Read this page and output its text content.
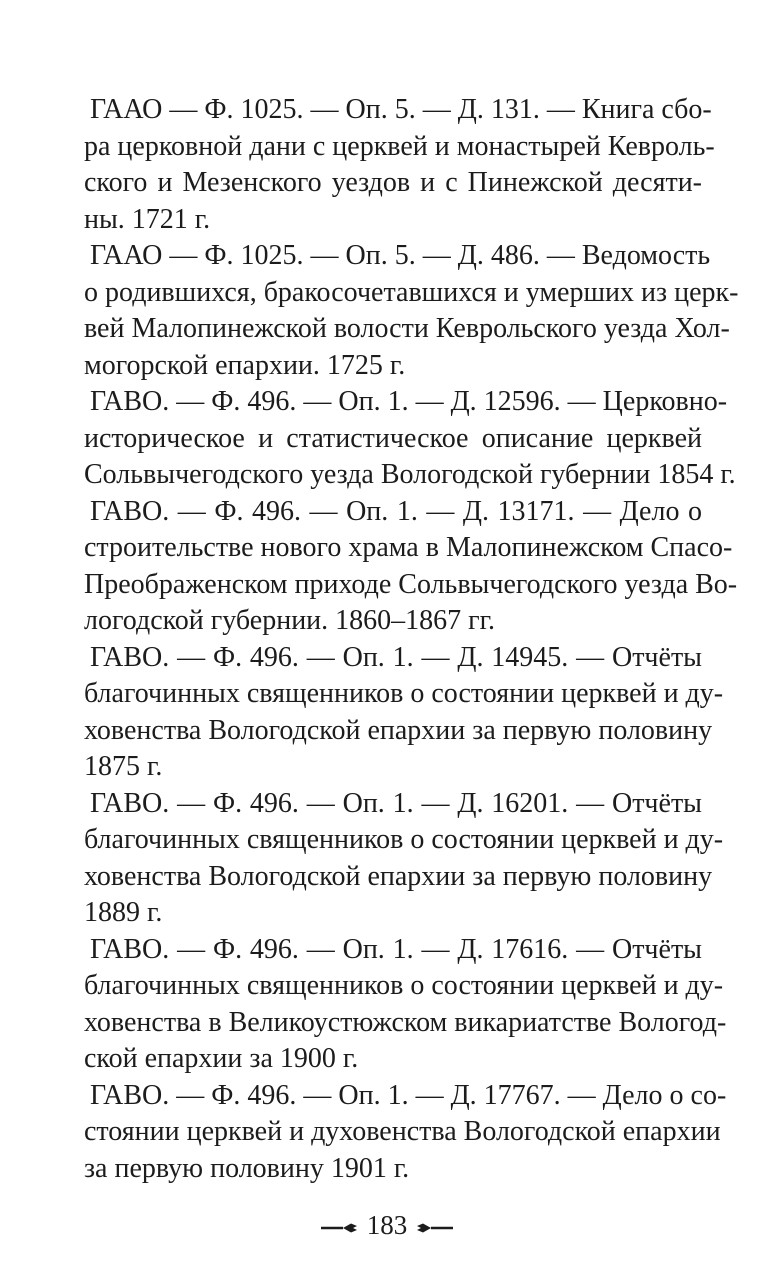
ГААО — Ф. 1025. — Оп. 5. — Д. 131. — Книга сбо-
ра церковной дани с церквей и монастырей Кевроль-
ского и Мезенского уездов и с Пинежской десяти-
ны. 1721 г.

ГААО — Ф. 1025. — Оп. 5. — Д. 486. — Ведомость
о родившихся, бракосочетавшихся и умерших из церк-
вей Малопинежской волости Кеврольского уезда Хол-
могорской епархии. 1725 г.

ГАВО. — Ф. 496. — Оп. 1. — Д. 12596. — Церковно-
историческое и статистическое описание церквей
Сольвычегодского уезда Вологодской губернии 1854 г.

ГАВО. — Ф. 496. — Оп. 1. — Д. 13171. — Дело о
строительстве нового храма в Малопинежском Спасо-
Преображенском приходе Сольвычегодского уезда Во-
логодской губернии. 1860–1867 гг.

ГАВО. — Ф. 496. — Оп. 1. — Д. 14945. — Отчёты
благочинных священников о состоянии церквей и ду-
ховенства Вологодской епархии за первую половину
1875 г.

ГАВО. — Ф. 496. — Оп. 1. — Д. 16201. — Отчёты
благочинных священников о состоянии церквей и ду-
ховенства Вологодской епархии за первую половину
1889 г.

ГАВО. — Ф. 496. — Оп. 1. — Д. 17616. — Отчёты
благочинных священников о состоянии церквей и ду-
ховенства в Великоустюжском викариатстве Вологод-
ской епархии за 1900 г.

ГАВО. — Ф. 496. — Оп. 1. — Д. 17767. — Дело о со-
стоянии церквей и духовенства Вологодской епархии
за первую половину 1901 г.

183
